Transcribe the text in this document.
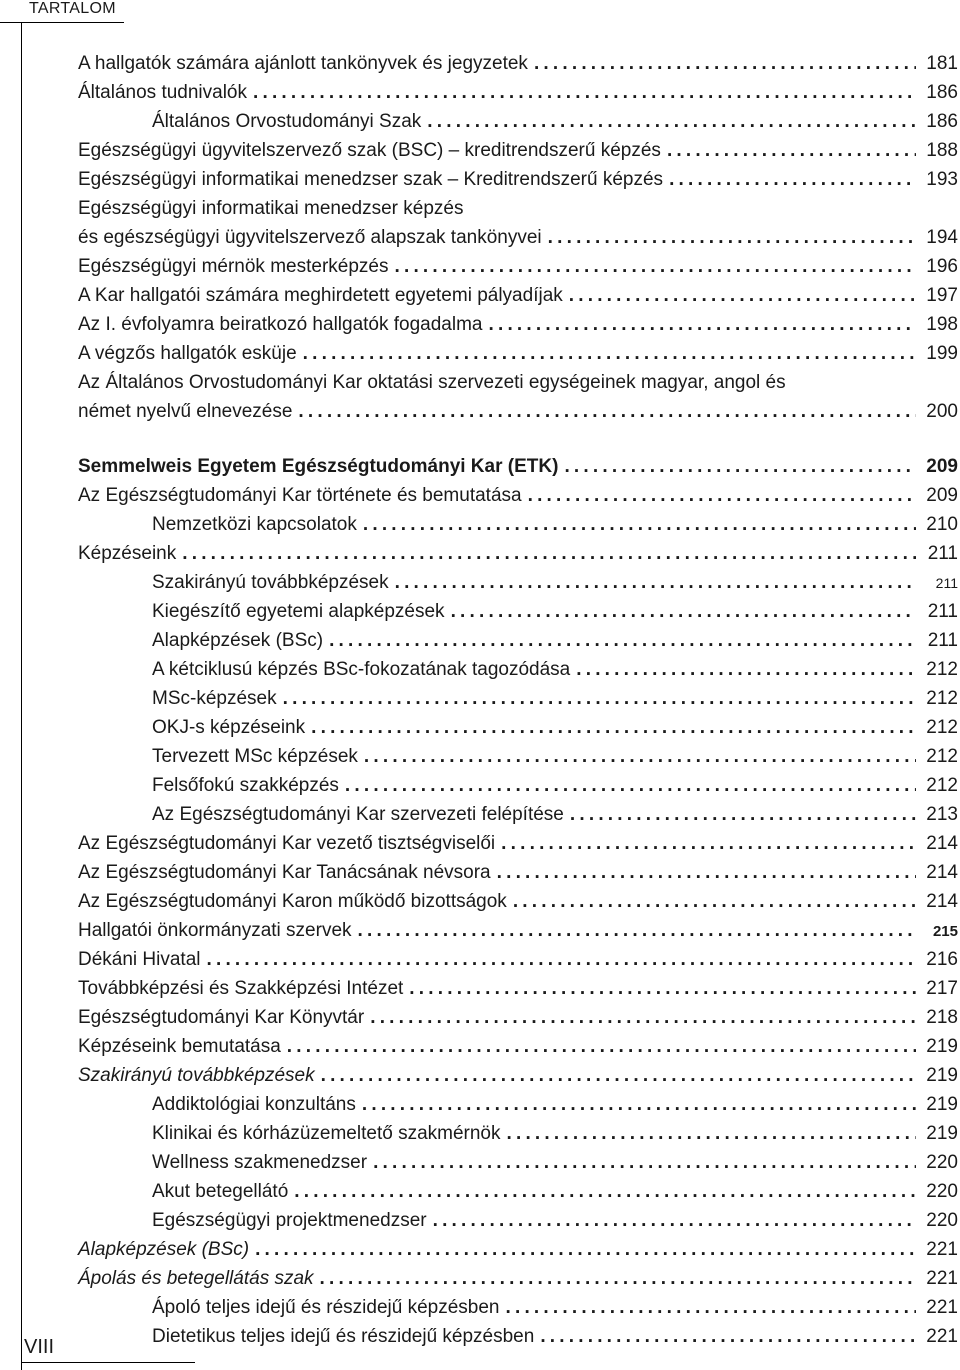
TARTALOM
VIII
A hallgatók számára ajánlott tankönyvek és jegyzetek .....	181
Általános tudnivalók .....	186
Általános Orvostudományi Szak .....	186
Egészségügyi ügyvitelszervező szak (BSC) – kreditrendszerű képzés .....	188
Egészségügyi informatikai menedzser szak – Kreditrendszerű képzés .....	193
Egészségügyi informatikai menedzser képzés
és egészségügyi ügyvitelszervező alapszak tankönyvei .....	194
Egészségügyi mérnök mesterképzés .....	196
A Kar hallgatói számára meghirdetett egyetemi pályadíjak .....	197
Az I. évfolyamra beiratkozó hallgatók fogadalma .....	198
A végzős hallgatók esküje .....	199
Az Általános Orvostudományi Kar oktatási szervezeti egységeinek magyar, angol és
német nyelvű elnevezése .....	200
Semmelweis Egyetem Egészségtudományi Kar (ETK) .....	209
Az Egészségtudományi Kar története és bemutatása .....	209
Nemzetközi kapcsolatok .....	210
Képzéseink .....	211
Szakirányú továbbképzések .....	211
Kiegészítő egyetemi alapképzések .....	211
Alapképzések (BSc) .....	211
A kétciklusú képzés BSc-fokozatának tagozódása .....	212
MSc-képzések .....	212
OKJ-s képzéseink .....	212
Tervezett MSc képzések .....	212
Felsőfokú szakképzés .....	212
Az Egészségtudományi Kar szervezeti felépítése .....	213
Az Egészségtudományi Kar vezető tisztségviselői .....	214
Az Egészségtudományi Kar Tanácsának névsora .....	214
Az Egészségtudományi Karon működő bizottságok .....	214
Hallgatói önkormányzati szervek .....	215
Dékáni Hivatal .....	216
Továbbképzési és Szakképzési Intézet .....	217
Egészségtudományi Kar Könyvtár .....	218
Képzéseink bemutatása .....	219
Szakirányú továbbképzések .....	219
Addiktológiai konzultáns .....	219
Klinikai és kórházüzemeltető szakmérnök .....	219
Wellness szakmenedzser .....	220
Akut betegellátó .....	220
Egészségügyi projektmenedzser .....	220
Alapképzések (BSc) .....	221
Ápolás és betegellátás szak .....	221
Ápoló teljes idejű és részidejű képzésben .....	221
Dietetikus teljes idejű és részidejű képzésben .....	221
